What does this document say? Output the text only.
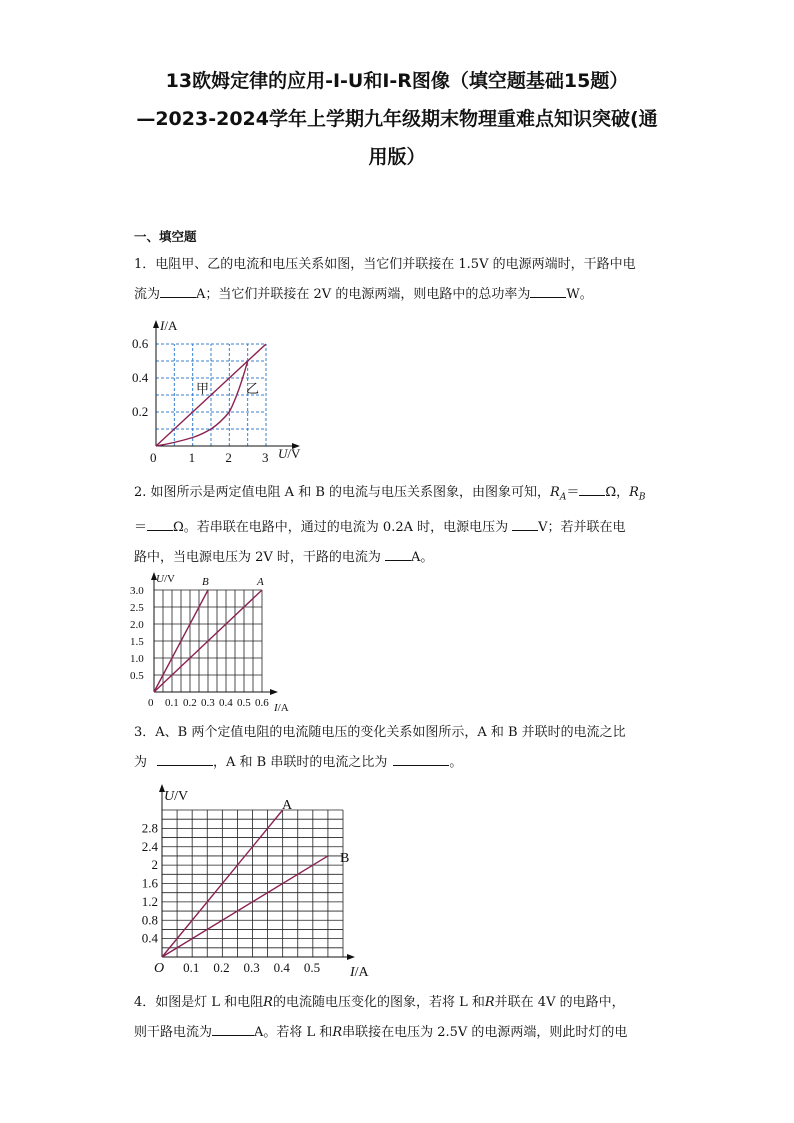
13欧姆定律的应用-I-U和I-R图像（填空题基础15题）
—2023-2024学年上学期九年级期末物理重难点知识突破(通
用版）
一、填空题
1．电阻甲、乙的电流和电压关系如图，当它们并联接在 1.5V 的电源两端时，干路中电
流为	A；当它们并联接在 2V 的电源两端，则电路中的总功率为	W。
I/A
U/V
0
甲	乙
1 2 3
0.2
0.4
0.6
2. 如图所示是两定值电阻 A 和 B 的电流与电压关系图象，由图象可知，$R_A= \Omega$，$R_B$
＝ Ω。若串联在电路中，通过的电流为 0.2A 时，电源电压为 V；若并联在电
路中，当电源电压为 2V 时，干路的电流为 A。
U/V
I/A
B	A
0 0.1 0.2 0.3 0.4 0.5 0.6
0.5
1.0
1.5
2.0
2.5
3.0
3．A、B 两个定值电阻的电流随电压的变化关系如图所示，A 和 B 并联时的电流之比
为	，A 和 B 串联时的电流之比为	。
U/V
I/A
O
A
B
0.1 0.2 0.3 0.4 0.5
0.4
0.8
1.2
1.6
2
2.4
2.8
4．如图是灯 L 和电阻R的电流随电压变化的图象，若将 L 和R并联在 4V 的电路中，
则干路电流为	A。若将 L 和R串联接在电压为 2.5V 的电源两端，则此时灯的电
